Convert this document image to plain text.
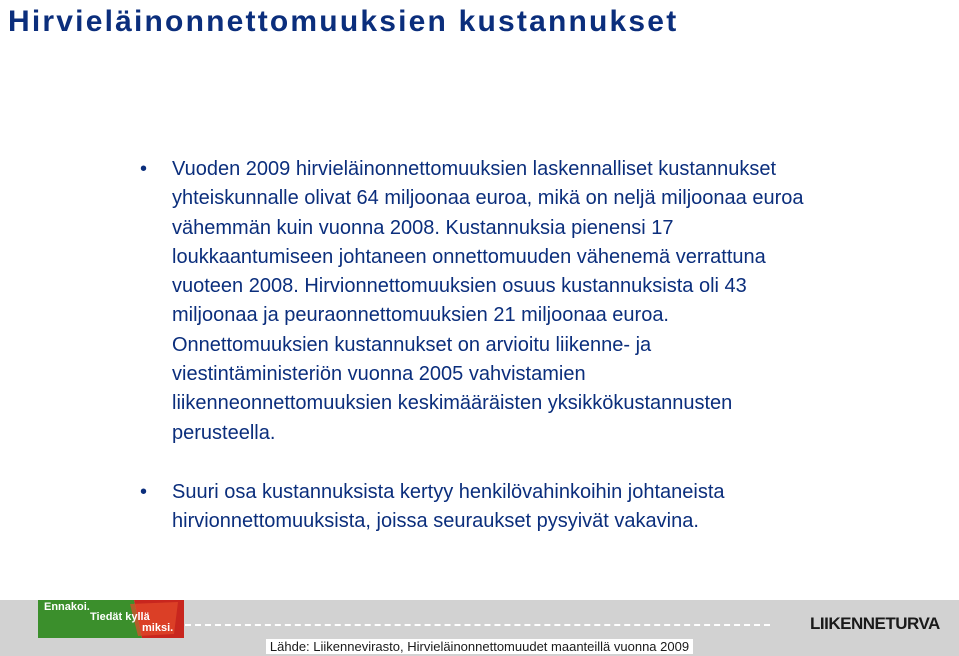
Hirvieläinonnettomuuksien kustannukset
• Vuoden 2009 hirvieläinonnettomuuksien laskennalliset kustannukset
yhteiskunnalle olivat 64 miljoonaa euroa, mikä on neljä miljoonaa euroa
vähemmän kuin vuonna 2008. Kustannuksia pienensi 17
loukkaantumiseen johtaneen onnettomuuden vähenemä verrattuna
vuoteen 2008. Hirvionnettomuuksien osuus kustannuksista oli 43
miljoonaa ja peuraonnettomuuksien 21 miljoonaa euroa.
Onnettomuuksien kustannukset on arvioitu liikenne- ja
viestintäministeriön vuonna 2005 vahvistamien
liikenneonnettomuuksien keskimääräisten yksikkökustannusten
perusteella.
• Suuri osa kustannuksista kertyy henkilövahinkoihin johtaneista
hirvionnettomuuksista, joissa seuraukset pysyivät vakavina.
Ennakoi.
Tiedät kyllä
miksi.	LIIKENNETURVA
Lähde: Liikennevirasto, Hirvieläinonnettomuudet maanteillä vuonna 2009
